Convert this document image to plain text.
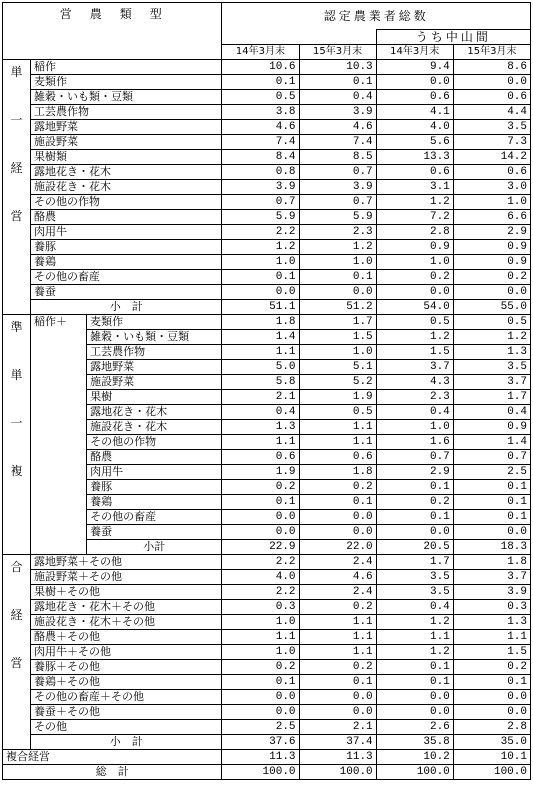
営　農　類　型			認定農業者総数			
					うち中山間	
			14年3月末	15年3月末	14年3月末	15年3月末

単

一

経

営	稲作		10.6	10.3	9.4	8.6
	麦類作		0.1	0.1	0.0	0.0
	雑穀・いも類・豆類		0.5	0.4	0.6	0.6
	工芸農作物		3.8	3.9	4.1	4.4
	露地野菜		4.6	4.6	4.0	3.5
	施設野菜		7.4	7.4	5.6	7.3
	果樹類		8.4	8.5	13.3	14.2
	露地花き・花木		0.8	0.7	0.6	0.6
	施設花き・花木		3.9	3.9	3.1	3.0
	その他の作物		0.7	0.7	1.2	1.0
	酪農		5.9	5.9	7.2	6.6
	肉用牛		2.2	2.3	2.8	2.9
	養豚		1.2	1.2	0.9	0.9
	養鶏		1.0	1.0	1.0	0.9
	その他の畜産		0.1	0.1	0.2	0.2
	養蚕		0.0	0.0	0.0	0.0
	小　計		51.1	51.2	54.0	55.0

準

単

一

複	稲作＋	麦類作	1.8	1.7	0.5	0.5
		雑穀・いも類・豆類	1.4	1.5	1.2	1.2
		工芸農作物	1.1	1.0	1.5	1.3
		露地野菜	5.0	5.1	3.7	3.5
		施設野菜	5.8	5.2	4.3	3.7
		果樹	2.1	1.9	2.3	1.7
		露地花き・花木	0.4	0.5	0.4	0.4
		施設花き・花木	1.3	1.1	1.0	0.9
		その他の作物	1.1	1.1	1.6	1.4
		酪農	0.6	0.6	0.7	0.7
		肉用牛	1.9	1.8	2.9	2.5
		養豚	0.2	0.2	0.1	0.1
		養鶏	0.1	0.1	0.2	0.1
		その他の畜産	0.0	0.0	0.1	0.1
		養蚕	0.0	0.0	0.0	0.0
		小計	22.9	22.0	20.5	18.3

合

経

営	露地野菜＋その他		2.2	2.4	1.7	1.8
	施設野菜＋その他		4.0	4.6	3.5	3.7
	果樹＋その他		2.2	2.4	3.5	3.9
	露地花き・花木＋その他		0.3	0.2	0.4	0.3
	施設花き・花木＋その他		1.0	1.1	1.2	1.3
	酪農＋その他		1.1	1.1	1.1	1.1
	肉用牛＋その他		1.0	1.1	1.2	1.5
	養豚＋その他		0.2	0.2	0.1	0.2
	養鶏＋その他		0.1	0.1	0.1	0.1
	その他の畜産＋その他		0.0	0.0	0.0	0.0
	養蚕＋その他		0.0	0.0	0.0	0.0
	その他		2.5	2.1	2.6	2.8
	小　計		37.6	37.4	35.8	35.0
複合経営			11.3	11.3	10.2	10.1
総　計			100.0	100.0	100.0	100.0
